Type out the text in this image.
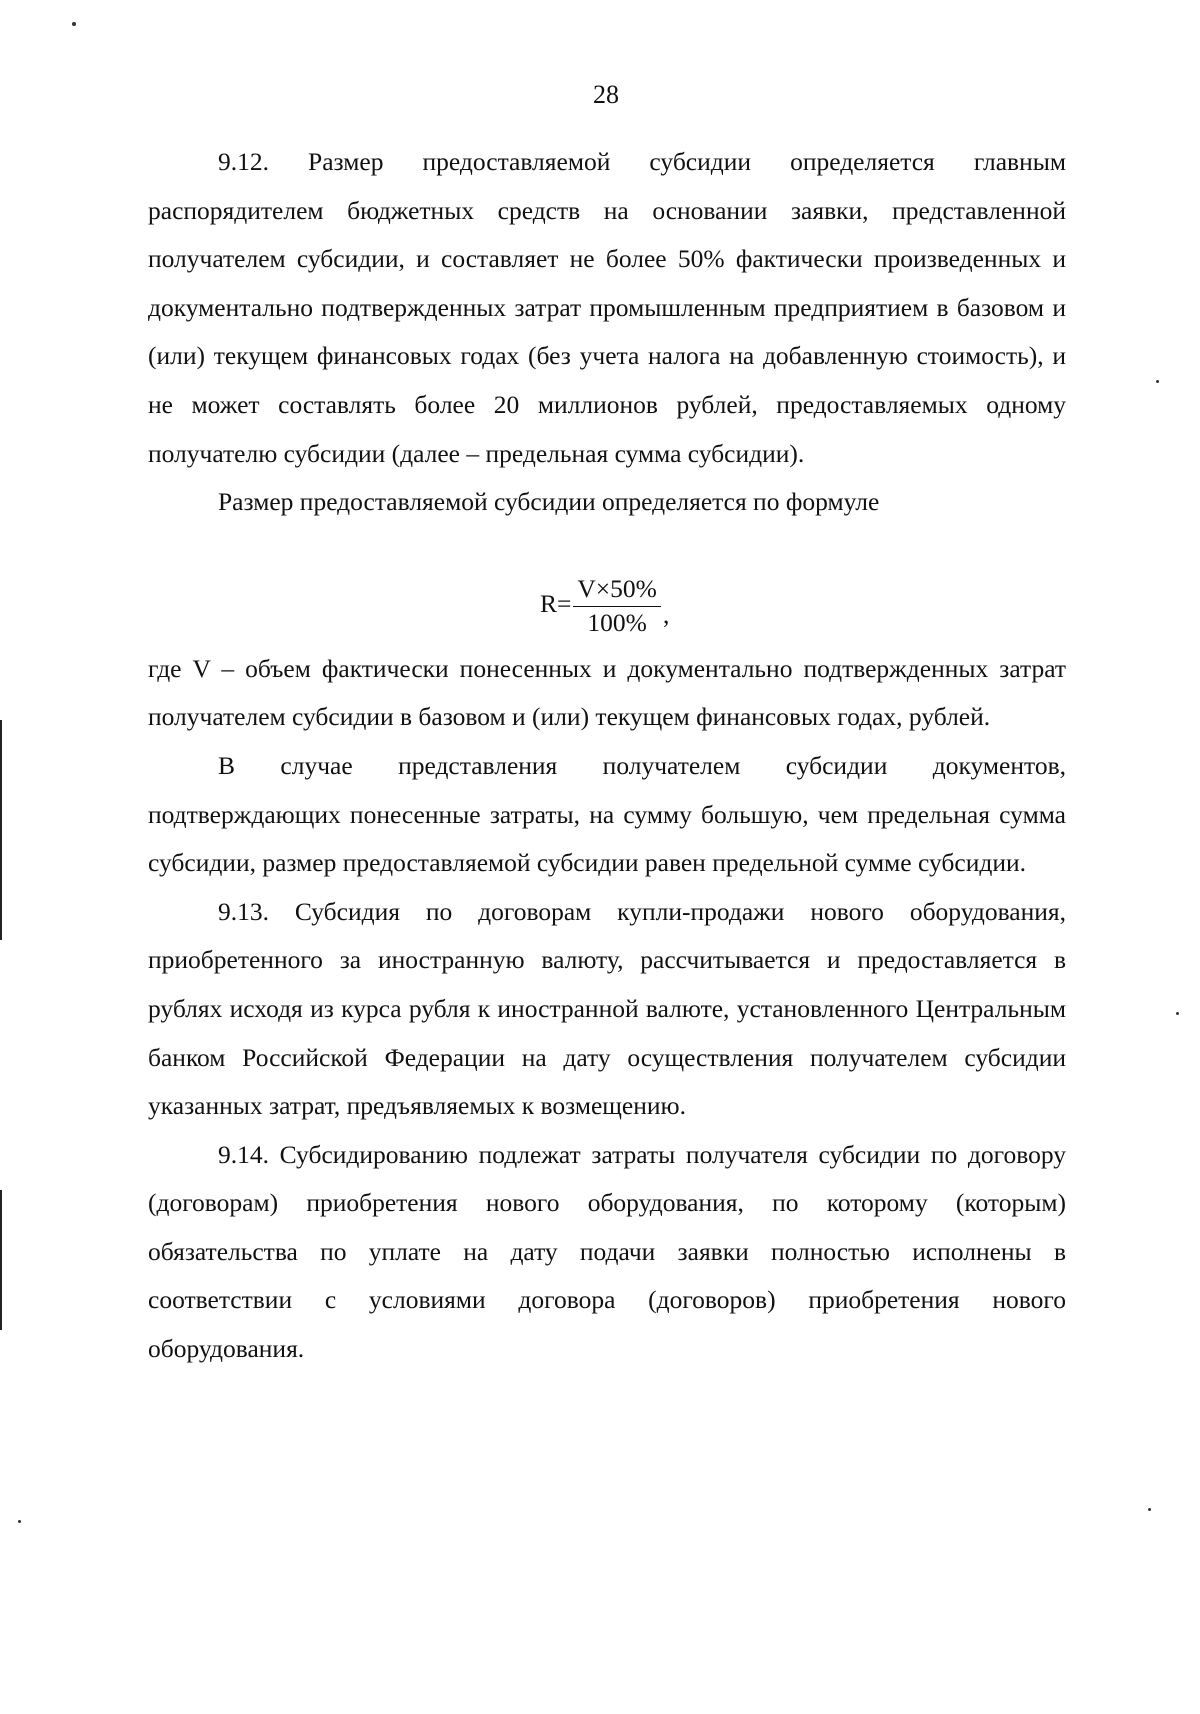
28

9.12. Размер предоставляемой субсидии определяется главным распорядителем бюджетных средств на основании заявки, представленной получателем субсидии, и составляет не более 50% фактически произведенных и документально подтвержденных затрат промышленным предприятием в базовом и (или) текущем финансовых годах (без учета налога на добавленную стоимость), и не может составлять более 20 миллионов рублей, предоставляемых одному получателю субсидии (далее – предельная сумма субсидии).

Размер предоставляемой субсидии определяется по формуле

$R= \frac{V\times 50\%}{100\%}$ ,

где V – объем фактически понесенных и документально подтвержденных затрат получателем субсидии в базовом и (или) текущем финансовых годах, рублей.

В случае представления получателем субсидии документов, подтверждающих понесенные затраты, на сумму большую, чем предельная сумма субсидии, размер предоставляемой субсидии равен предельной сумме субсидии.

9.13. Субсидия по договорам купли-продажи нового оборудования, приобретенного за иностранную валюту, рассчитывается и предоставляется в рублях исходя из курса рубля к иностранной валюте, установленного Центральным банком Российской Федерации на дату осуществления получателем субсидии указанных затрат, предъявляемых к возмещению.

9.14. Субсидированию подлежат затраты получателя субсидии по договору (договорам) приобретения нового оборудования, по которому (которым) обязательства по уплате на дату подачи заявки полностью исполнены в соответствии с условиями договора (договоров) приобретения нового оборудования.
